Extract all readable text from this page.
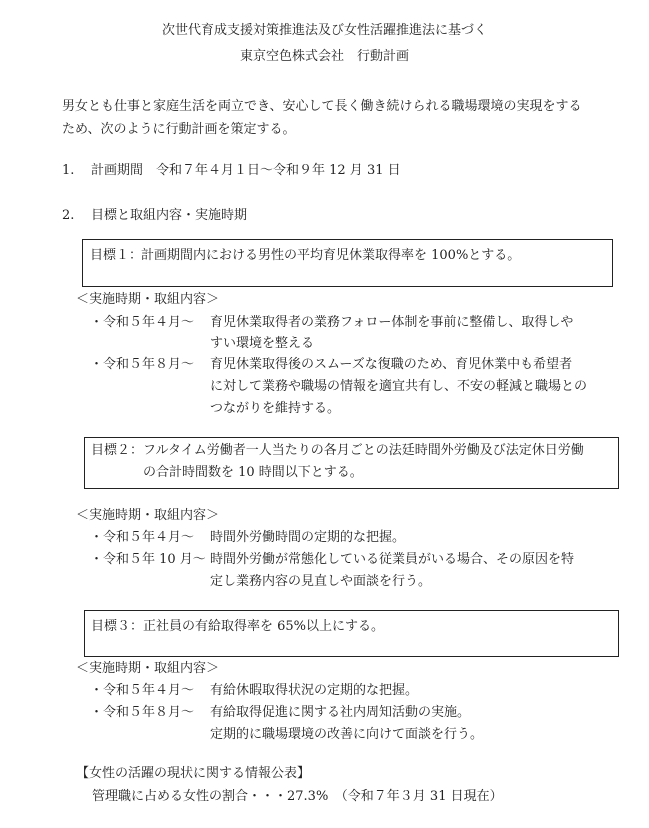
次世代育成支援対策推進法及び女性活躍推進法に基づく
東京空色株式会社　行動計画
男女とも仕事と家庭生活を両立でき、安心して長く働き続けられる職場環境の実現をする
ため、次のように行動計画を策定する。
1. 計画期間　令和７年４月１日～令和９年 12 月 31 日
2. 目標と取組内容・実施時期
目標１：
計画期間内における男性の平均育児休業取得率を 100%とする。
＜実施時期・取組内容＞
・令和５年４月～ 育児休業取得者の業務フォロー体制を事前に整備し、取得しや
すい環境を整える
・令和５年８月～ 育児休業取得後のスムーズな復職のため、育児休業中も希望者
に対して業務や職場の情報を適宜共有し、不安の軽減と職場との
つながりを維持する。
目標２： フルタイム労働者一人当たりの各月ごとの法廷時間外労働及び法定休日労働
の合計時間数を 10 時間以下とする。
＜実施時期・取組内容＞
・令和５年４月～ 時間外労働時間の定期的な把握。
・令和５年 10 月～ 時間外労働が常態化している従業員がいる場合、その原因を特
定し業務内容の見直しや面談を行う。
目標３： 正社員の有給取得率を 65%以上にする。
＜実施時期・取組内容＞
・令和５年４月～ 有給休暇取得状況の定期的な把握。
・令和５年８月～ 有給取得促進に関する社内周知活動の実施。
定期的に職場環境の改善に向けて面談を行う。
【女性の活躍の現状に関する情報公表】
管理職に占める女性の割合・・・27.3%　（令和７年３月 31 日現在）
